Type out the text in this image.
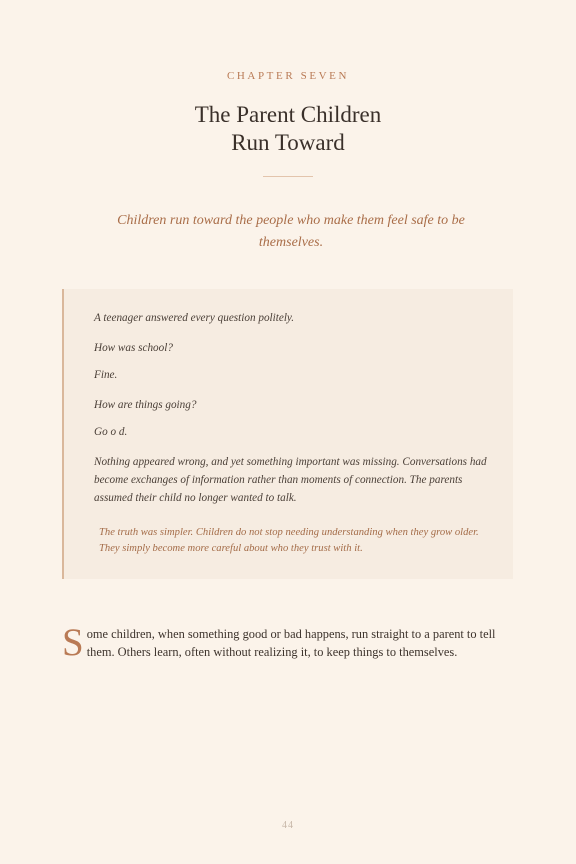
CHAPTER SEVEN
The Parent Children
Run Toward

Children run toward the people who make them feel safe to be themselves.

A teenager answered every question politely.

How was school?

Fine.

How are things going?

Go o d.

Nothing appeared wrong, and yet something important was missing. Conversations had become exchanges of information rather than moments of connection. The parents assumed their child no longer wanted to talk.

The truth was simpler. Children do not stop needing understanding when they grow older. They simply become more careful about who they trust with it.

Some children, when something good or bad happens, run straight to a parent to tell them. Others learn, often without realizing it, to keep things to themselves.

44
